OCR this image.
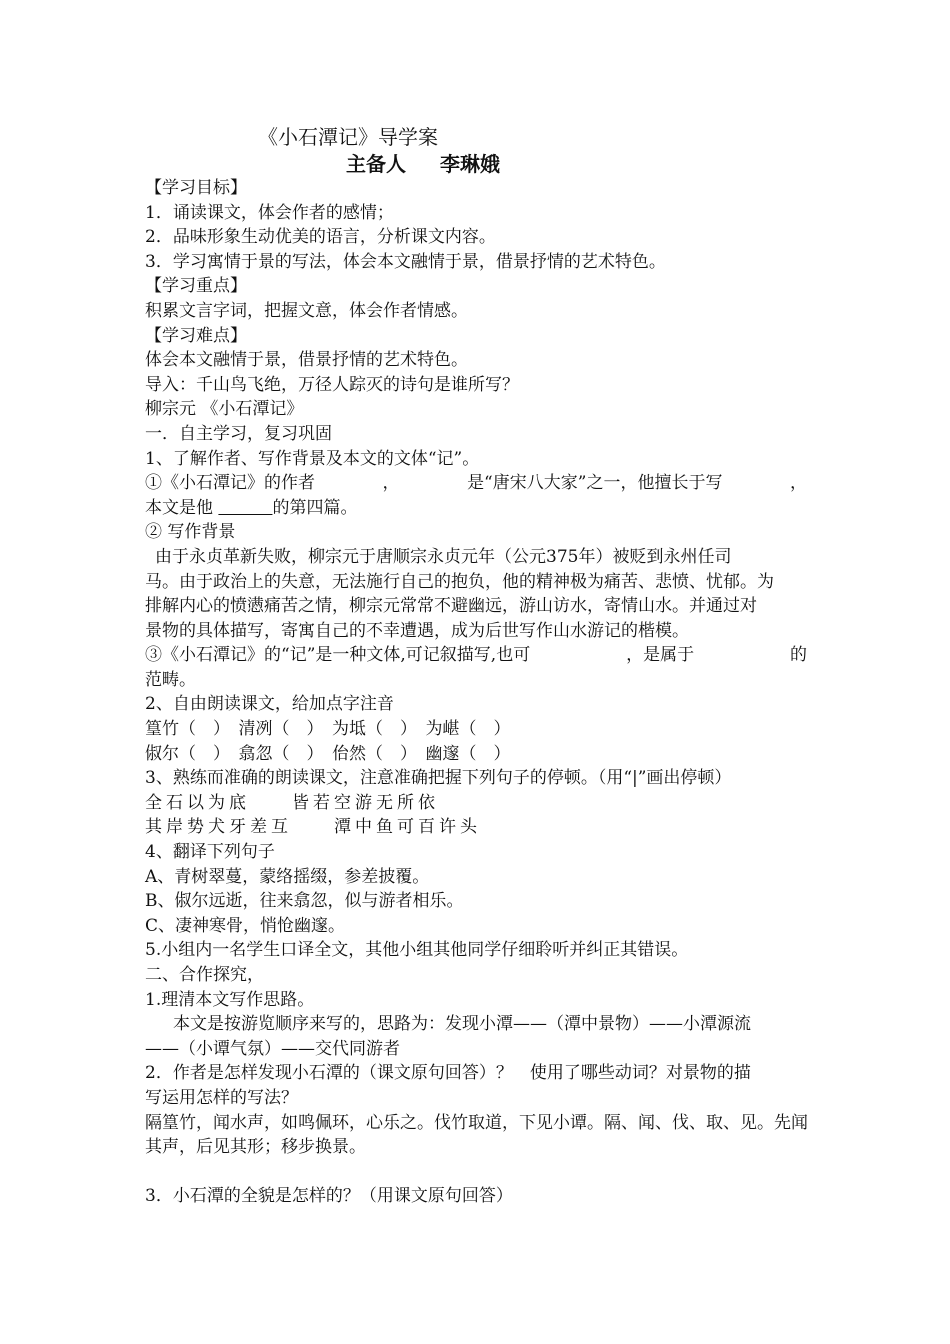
《小石潭记》导学案
主备人 李琳娥
【学习目标】
1．诵读课文，体会作者的感情；
2．品味形象生动优美的语言，分析课文内容。
3．学习寓情于景的写法，体会本文融情于景，借景抒情的艺术特色。
【学习重点】
积累文言字词，把握文意，体会作者情感。
【学习难点】
体会本文融情于景，借景抒情的艺术特色。
导入：千山鸟飞绝，万径人踪灭的诗句是谁所写？
柳宗元 《小石潭记》
一．自主学习，复习巩固
1、了解作者、写作背景及本文的文体“记”。
①《小石潭记》的作者	，	是“唐宋八大家”之一，他擅长于写	，
本文是他	的第四篇。
② 写作背景
由于永贞革新失败，柳宗元于唐顺宗永贞元年（公元375年）被贬到永州任司
马。由于政治上的失意，无法施行自己的抱负，他的精神极为痛苦、悲愤、忧郁。为
排解内心的愤懑痛苦之情，柳宗元常常不避幽远，游山访水，寄情山水。并通过对
景物的具体描写，寄寓自己的不幸遭遇，成为后世写作山水游记的楷模。
③《小石潭记》的“记”是一种文体,可记叙描写,也可	，是属于	的
范畴。
2、自由朗读课文，给加点字注音
篁竹（　）　清冽（　）　为坻（　）　为嵁（　）
俶尔（　）　翕忽（　）　佁然（　）　幽邃（　）
3、熟练而准确的朗读课文，注意准确把握下列句子的停顿。（用“|”画出停顿）
全石以为底　　皆若空游无所依
其岸势犬牙差互　　潭中鱼可百许头
4、翻译下列句子
A、青树翠蔓，蒙络摇缀，参差披覆。
B、俶尔远逝，往来翕忽，似与游者相乐。
C、凄神寒骨，悄怆幽邃。
5.小组内一名学生口译全文，其他小组其他同学仔细聆听并纠正其错误。
二、合作探究，
1.理清本文写作思路。
本文是按游览顺序来写的，思路为：发现小潭——（潭中景物）——小潭源流
——（小谭气氛）——交代同游者
2．作者是怎样发现小石潭的（课文原句回答）？　使用了哪些动词？对景物的描
写运用怎样的写法？
隔篁竹，闻水声，如鸣佩环，心乐之。伐竹取道，下见小谭。隔、闻、伐、取、见。先闻
其声，后见其形；移步换景。
3．小石潭的全貌是怎样的？（用课文原句回答）
